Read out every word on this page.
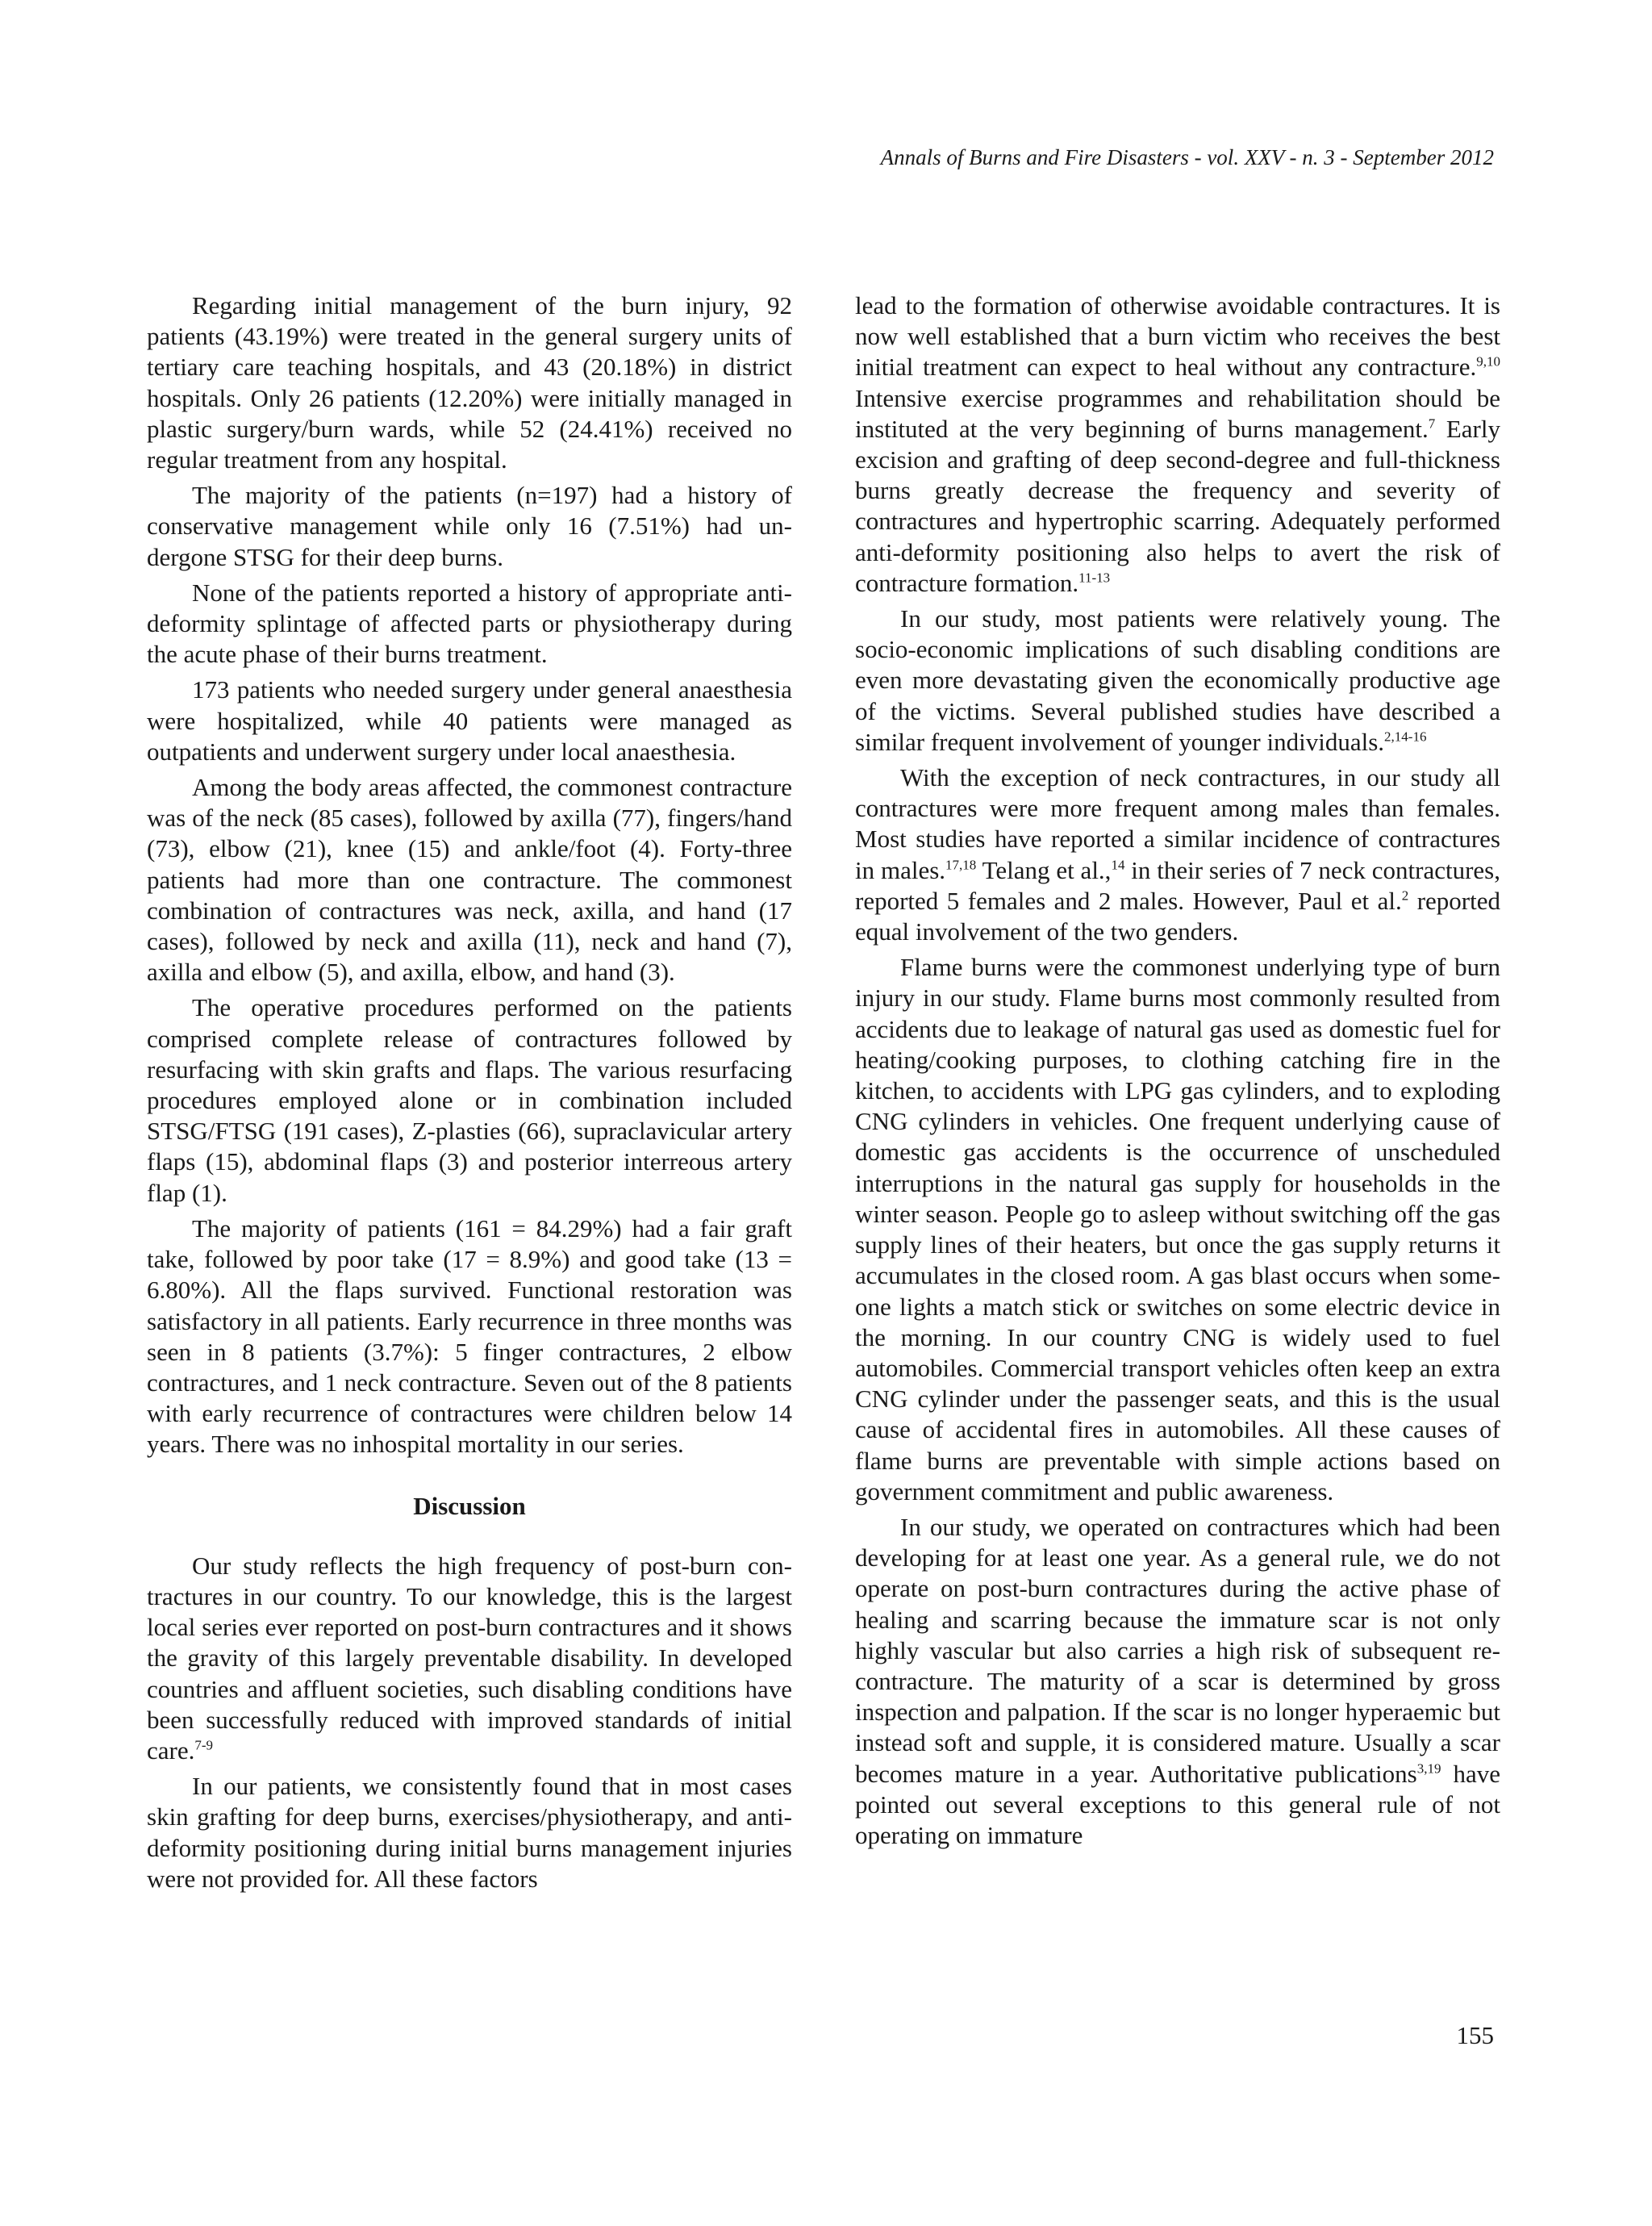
Annals of Burns and Fire Disasters - vol. XXV - n. 3 - September 2012

Regarding initial management of the burn injury, 92 patients (43.19%) were treated in the general surgery units of tertiary care teaching hospitals, and 43 (20.18%) in district hospitals. Only 26 patients (12.20%) were initially managed in plastic surgery/burn wards, while 52 (24.41%) received no regular treatment from any hospital.

The majority of the patients (n=197) had a history of conservative management while only 16 (7.51%) had undergone STSG for their deep burns.

None of the patients reported a history of appropriate anti-deformity splintage of affected parts or physiotherapy during the acute phase of their burns treatment.

173 patients who needed surgery under general anaesthesia were hospitalized, while 40 patients were managed as outpatients and underwent surgery under local anaesthesia.

Among the body areas affected, the commonest contracture was of the neck (85 cases), followed by axilla (77), fingers/hand (73), elbow (21), knee (15) and ankle/foot (4). Forty-three patients had more than one contracture. The commonest combination of contractures was neck, axilla, and hand (17 cases), followed by neck and axilla (11), neck and hand (7), axilla and elbow (5), and axilla, elbow, and hand (3).

The operative procedures performed on the patients comprised complete release of contractures followed by resurfacing with skin grafts and flaps. The various resurfacing procedures employed alone or in combination included STSG/FTSG (191 cases), Z-plasties (66), supraclavicular artery flaps (15), abdominal flaps (3) and posterior interreous artery flap (1).

The majority of patients (161 = 84.29%) had a fair graft take, followed by poor take (17 = 8.9%) and good take (13 = 6.80%). All the flaps survived. Functional restoration was satisfactory in all patients. Early recurrence in three months was seen in 8 patients (3.7%): 5 finger contractures, 2 elbow contractures, and 1 neck contracture. Seven out of the 8 patients with early recurrence of contractures were children below 14 years. There was no inhospital mortality in our series.

Discussion

Our study reflects the high frequency of post-burn contractures in our country. To our knowledge, this is the largest local series ever reported on post-burn contractures and it shows the gravity of this largely preventable disability. In developed countries and affluent societies, such disabling conditions have been successfully reduced with improved standards of initial care.$^{7-9}$

In our patients, we consistently found that in most cases skin grafting for deep burns, exercises/physiotherapy, and anti-deformity positioning during initial burns management injuries were not provided for. All these factors

lead to the formation of otherwise avoidable contractures. It is now well established that a burn victim who receives the best initial treatment can expect to heal without any contracture.$^{9,10}$ Intensive exercise programmes and rehabilitation should be instituted at the very beginning of burns management.$^7$ Early excision and grafting of deep second-degree and full-thickness burns greatly decrease the frequency and severity of contractures and hypertrophic scarring. Adequately performed anti-deformity positioning also helps to avert the risk of contracture formation.$^{11-13}$

In our study, most patients were relatively young. The socio-economic implications of such disabling conditions are even more devastating given the economically productive age of the victims. Several published studies have described a similar frequent involvement of younger individuals.$^{2,14-16}$

With the exception of neck contractures, in our study all contractures were more frequent among males than females. Most studies have reported a similar incidence of contractures in males.$^{17,18}$ Telang et al.,$^{14}$ in their series of 7 neck contractures, reported 5 females and 2 males. However, Paul et al.$^2$ reported equal involvement of the two genders.

Flame burns were the commonest underlying type of burn injury in our study. Flame burns most commonly resulted from accidents due to leakage of natural gas used as domestic fuel for heating/cooking purposes, to clothing catching fire in the kitchen, to accidents with LPG gas cylinders, and to exploding CNG cylinders in vehicles. One frequent underlying cause of domestic gas accidents is the occurrence of unscheduled interruptions in the natural gas supply for households in the winter season. People go to asleep without switching off the gas supply lines of their heaters, but once the gas supply returns it accumulates in the closed room. A gas blast occurs when someone lights a match stick or switches on some electric device in the morning. In our country CNG is widely used to fuel automobiles. Commercial transport vehicles often keep an extra CNG cylinder under the passenger seats, and this is the usual cause of accidental fires in automobiles. All these causes of flame burns are preventable with simple actions based on government commitment and public awareness.

In our study, we operated on contractures which had been developing for at least one year. As a general rule, we do not operate on post-burn contractures during the active phase of healing and scarring because the immature scar is not only highly vascular but also carries a high risk of subsequent re-contracture. The maturity of a scar is determined by gross inspection and palpation. If the scar is no longer hyperaemic but instead soft and supple, it is considered mature. Usually a scar becomes mature in a year. Authoritative publications$^{3,19}$ have pointed out several exceptions to this general rule of not operating on immature

155
